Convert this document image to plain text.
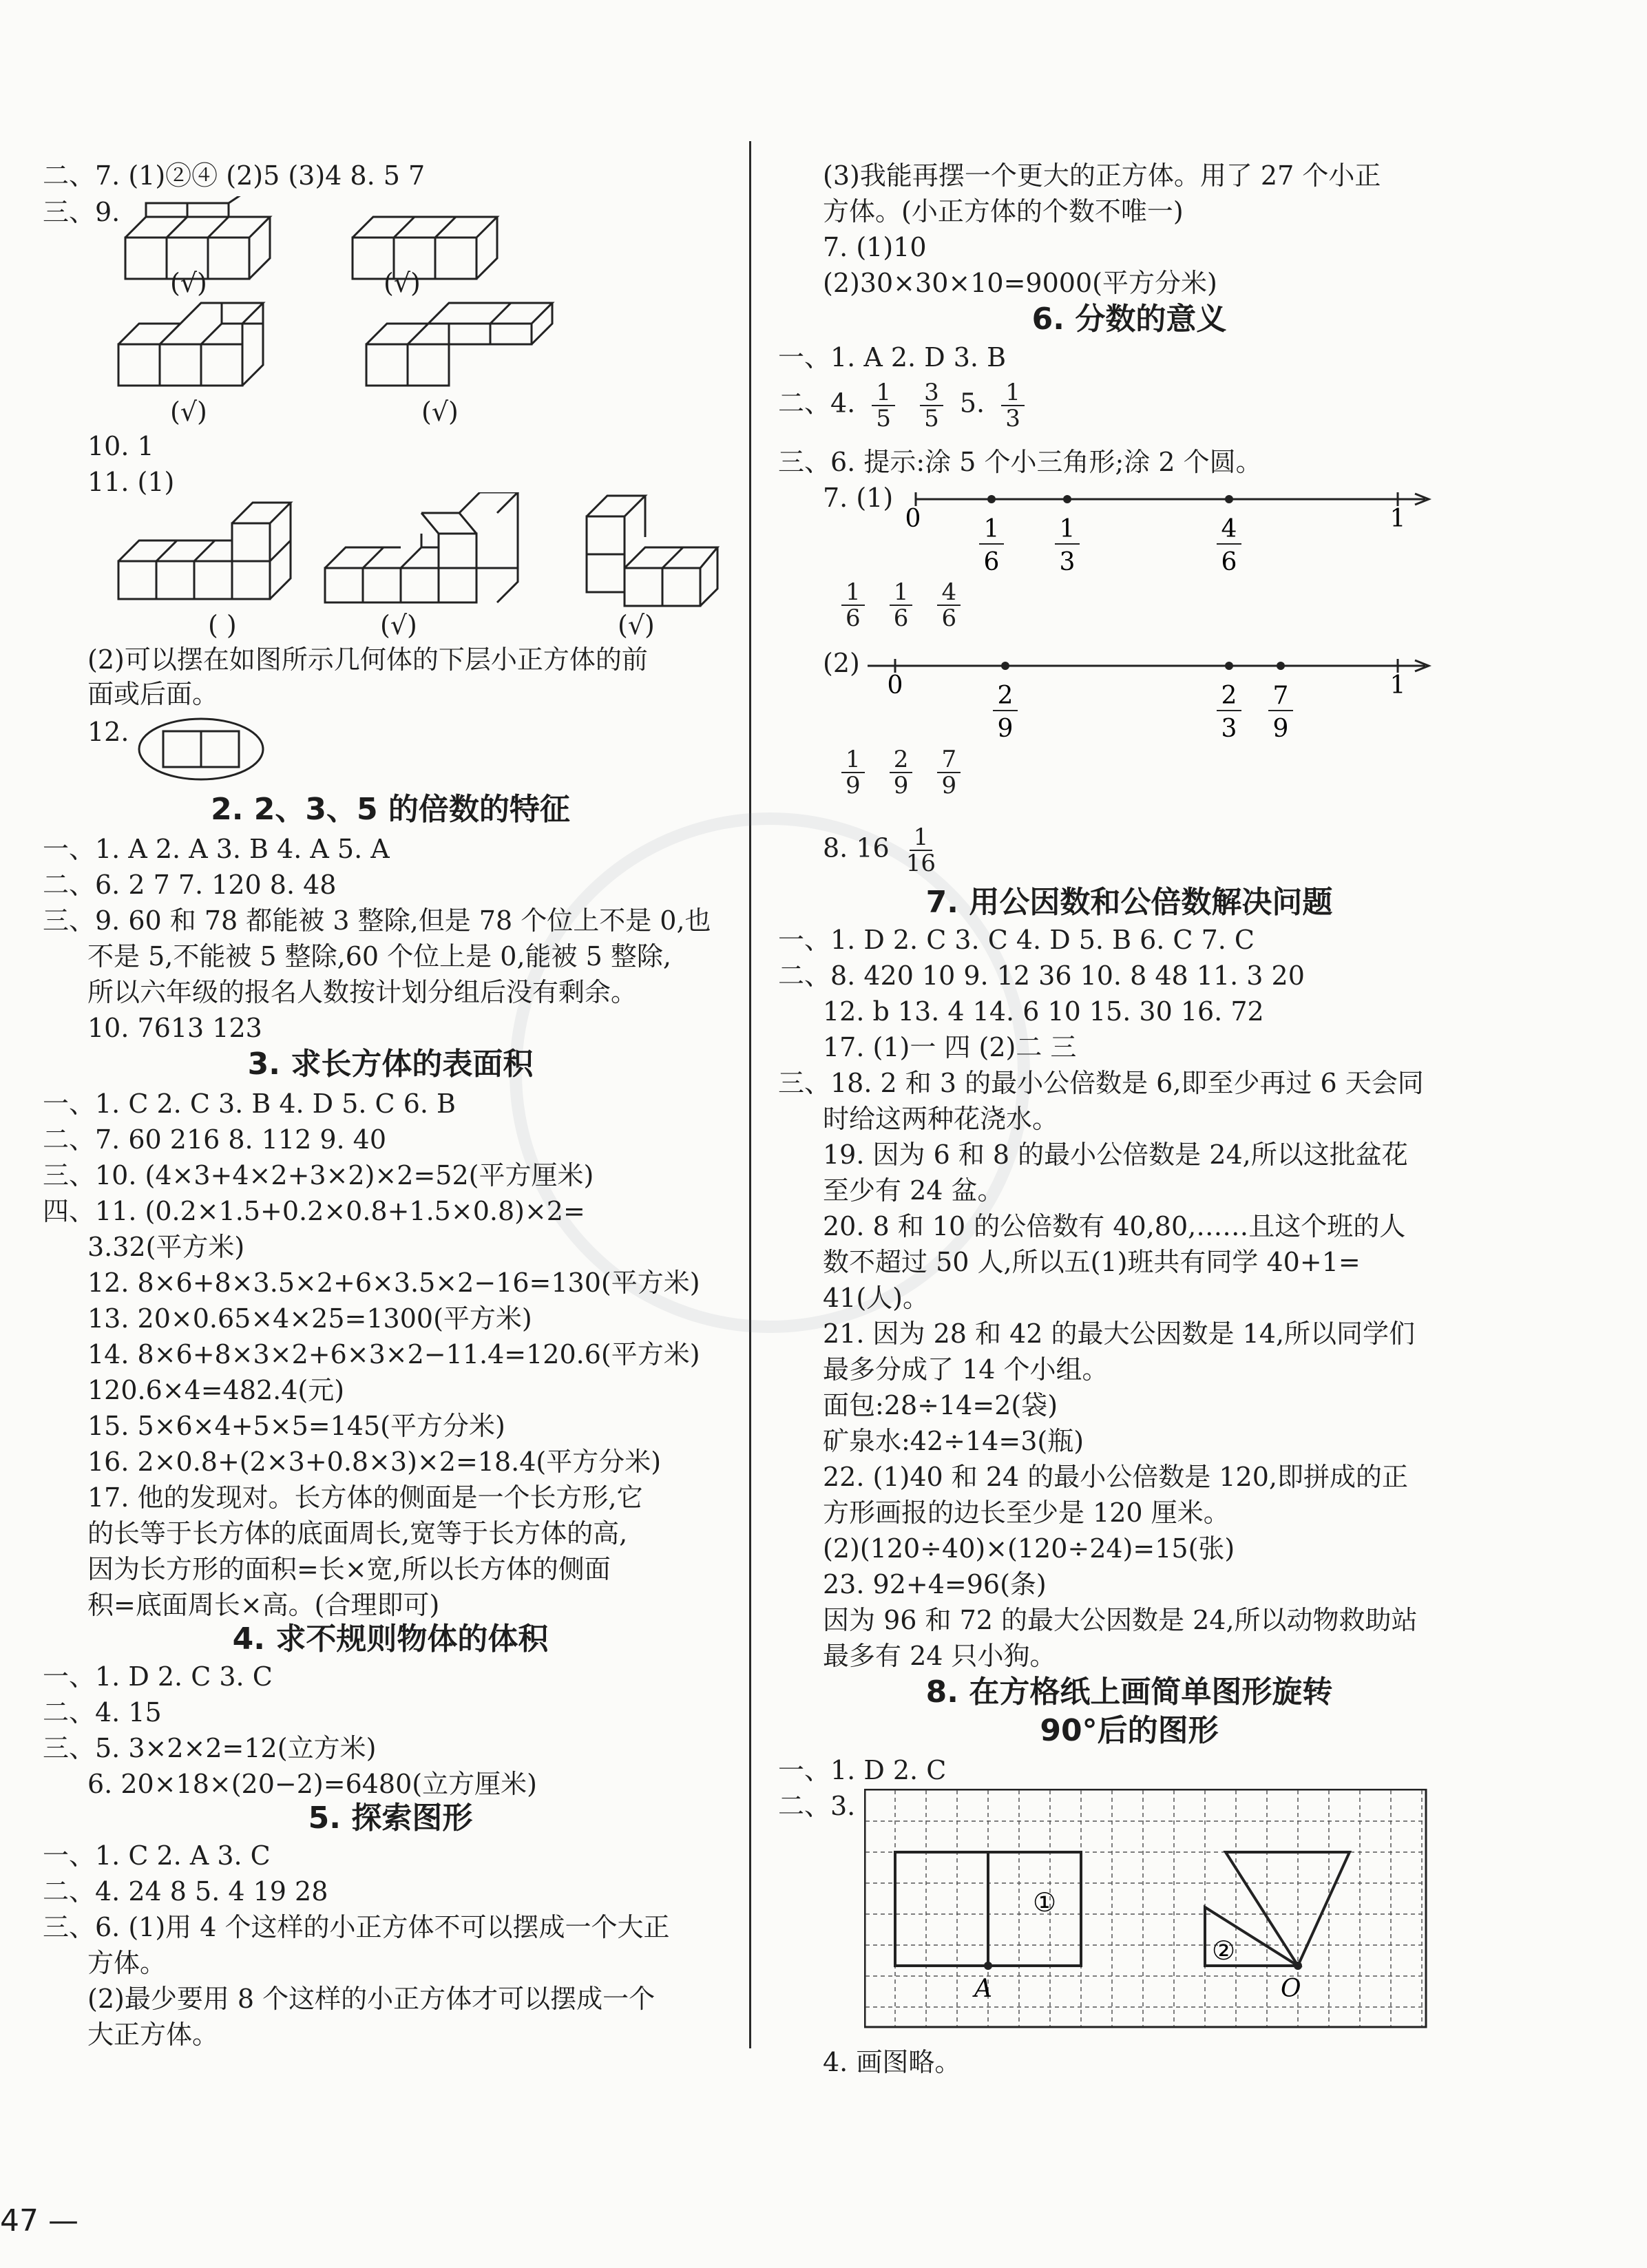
二、7. (1)②④ (2)5 (3)4 8. 5 7
三、9.
(√)	(√)
(√)	(√)
10. 1
11. (1)
( )	(√)	(√)
(2)可以摆在如图所示几何体的下层小正方体的前
面或后面。
12.
2. 2、3、5 的倍数的特征
一、1. A 2. A 3. B 4. A 5. A
二、6. 2 7 7. 120 8. 48
三、9. 60 和 78 都能被 3 整除,但是 78 个位上不是 0,也
不是 5,不能被 5 整除,60 个位上是 0,能被 5 整除,
所以六年级的报名人数按计划分组后没有剩余。
10. 7613 123
3. 求长方体的表面积
一、1. C 2. C 3. B 4. D 5. C 6. B
二、7. 60 216 8. 112 9. 40
三、10. (4×3+4×2+3×2)×2=52(平方厘米)
四、11. (0.2×1.5+0.2×0.8+1.5×0.8)×2=
3.32(平方米)
12. 8×6+8×3.5×2+6×3.5×2−16=130(平方米)
13. 20×0.65×4×25=1300(平方米)
14. 8×6+8×3×2+6×3×2−11.4=120.6(平方米)
120.6×4=482.4(元)
15. 5×6×4+5×5=145(平方分米)
16. 2×0.8+(2×3+0.8×3)×2=18.4(平方分米)
17. 他的发现对。长方体的侧面是一个长方形,它
的长等于长方体的底面周长,宽等于长方体的高,
因为长方形的面积=长×宽,所以长方体的侧面
积=底面周长×高。(合理即可)
4. 求不规则物体的体积
一、1. D 2. C 3. C
二、4. 15
三、5. 3×2×2=12(立方米)
6. 20×18×(20−2)=6480(立方厘米)
5. 探索图形
一、1. C 2. A 3. C
二、4. 24 8 5. 4 19 28
三、6. (1)用 4 个这样的小正方体不可以摆成一个大正
方体。
(2)最少要用 8 个这样的小正方体才可以摆成一个
大正方体。
(3)我能再摆一个更大的正方体。用了 27 个小正
方体。(小正方体的个数不唯一)
7. (1)10
(2)30×30×10=9000(平方分米)
6. 分数的意义
一、1. A 2. D 3. B
二、4. $\frac{1}{5}$
$\frac{3}{5} 5$. $\frac{1}{3}$
三、6. 提示:涂 5 个小三角形;涂 2 个圆。
7. (1)
0	1
1
6
1
3
4
6
$\frac{1}{6}$
$\frac{1}{6}$
$\frac{4}{6}$
(2)
0	1
2
9
2
3
7
9
$\frac{1}{9}$
$\frac{2}{9}$
$\frac{7}{9}$
8. $16 \frac{1}{16}$
7. 用公因数和公倍数解决问题
一、1. D 2. C 3. C 4. D 5. B 6. C 7. C
二、8. 420 10 9. 12 36 10. 8 48 11. 3 20
12. b 13. 4 14. 6 10 15. 30 16. 72
17. (1)一 四 (2)二 三
三、18. 2 和 3 的最小公倍数是 6,即至少再过 6 天会同
时给这两种花浇水。
19. 因为 6 和 8 的最小公倍数是 24,所以这批盆花
至少有 24 盆。
20. 8 和 10 的公倍数有 40,80,……且这个班的人
数不超过 50 人,所以五(1)班共有同学 40+1=
41(人)。
21. 因为 28 和 42 的最大公因数是 14,所以同学们
最多分成了 14 个小组。
面包:28÷14=2(袋)
矿泉水:42÷14=3(瓶)
22. (1)40 和 24 的最小公倍数是 120,即拼成的正
方形画报的边长至少是 120 厘米。
(2)(120÷40)×(120÷24)=15(张)
23. 92+4=96(条)
因为 96 和 72 的最大公因数是 24,所以动物救助站
最多有 24 只小狗。
8. 在方格纸上画简单图形旋转
90°后的图形
一、1. D 2. C
二、3.
①
②
A	O
4. 画图略。
47 —
